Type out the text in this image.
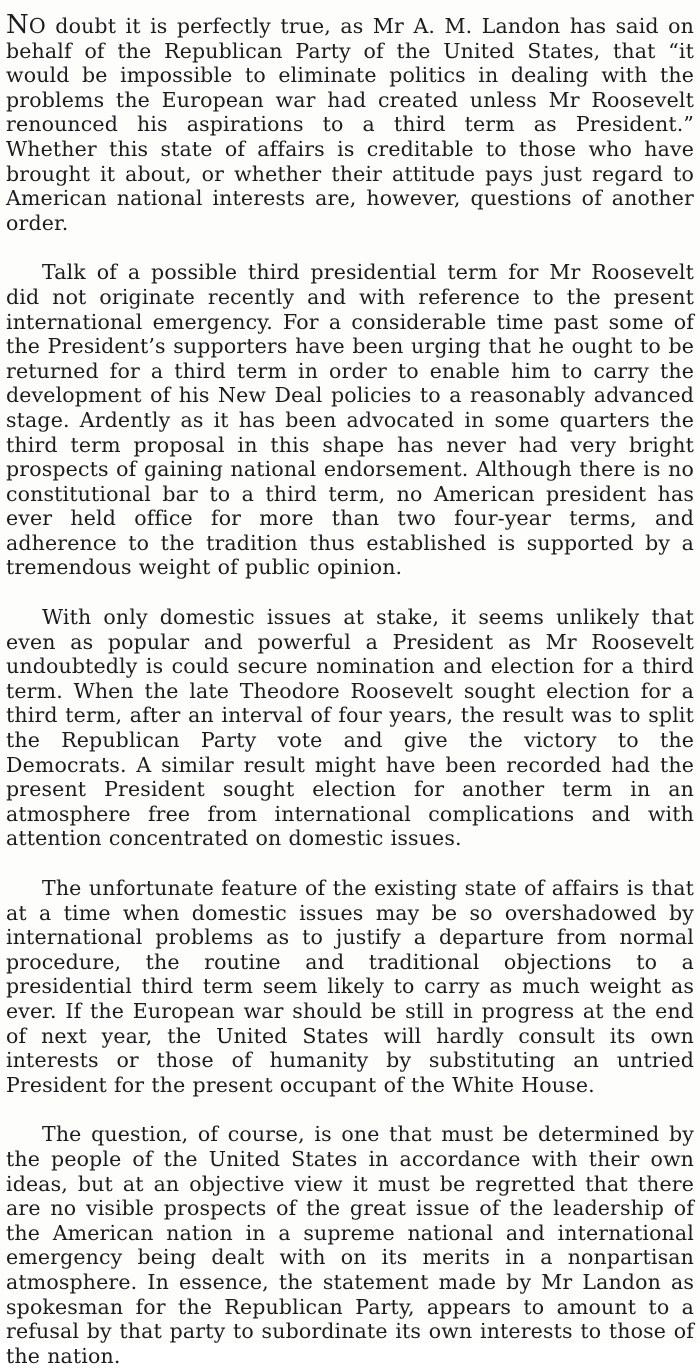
NO doubt it is perfectly true, as Mr A. M. Landon has said on behalf of the Republican Party of the United States, that “it would be impossible to eliminate politics in dealing with the problems the European war had created unless Mr Roosevelt renounced his aspirations to a third term as President.” Whether this state of affairs is creditable to those who have brought it about, or whether their attitude pays just regard to American national interests are, however, questions of another order.

Talk of a possible third presidential term for Mr Roosevelt did not originate recently and with reference to the present international emergency. For a considerable time past some of the President’s supporters have been urging that he ought to be returned for a third term in order to enable him to carry the development of his New Deal policies to a reasonably advanced stage. Ardently as it has been advocated in some quarters the third term proposal in this shape has never had very bright prospects of gaining national endorsement. Although there is no constitutional bar to a third term, no American president has ever held office for more than two four-year terms, and adherence to the tradition thus established is supported by a tremendous weight of public opinion.

With only domestic issues at stake, it seems unlikely that even as popular and powerful a President as Mr Roosevelt undoubtedly is could secure nomination and election for a third term. When the late Theodore Roosevelt sought election for a third term, after an interval of four years, the result was to split the Republican Party vote and give the victory to the Democrats. A similar result might have been recorded had the present President sought election for another term in an atmosphere free from international complications and with attention concentrated on domestic issues.

The unfortunate feature of the existing state of affairs is that at a time when domestic issues may be so overshadowed by international problems as to justify a departure from normal procedure, the routine and traditional objections to a presidential third term seem likely to carry as much weight as ever. If the European war should be still in progress at the end of next year, the United States will hardly consult its own interests or those of humanity by substituting an untried President for the present occupant of the White House.

The question, of course, is one that must be determined by the people of the United States in accordance with their own ideas, but at an objective view it must be regretted that there are no visible prospects of the great issue of the leadership of the American nation in a supreme national and international emergency being dealt with on its merits in a nonpartisan atmosphere. In essence, the statement made by Mr Landon as spokesman for the Republican Party, appears to amount to a refusal by that party to subordinate its own interests to those of the nation.
